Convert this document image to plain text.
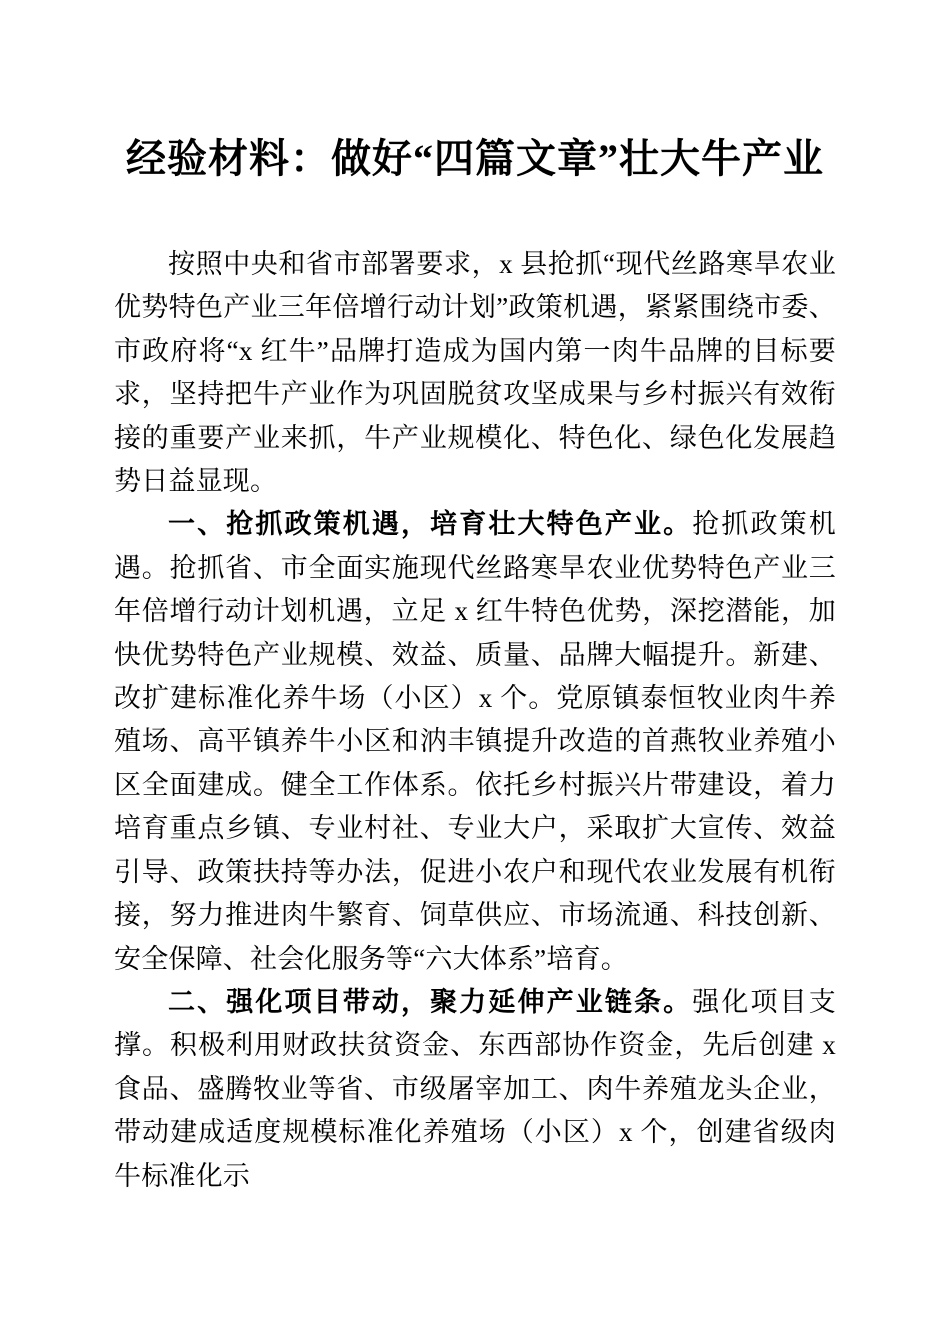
经验材料：做好“四篇文章”壮大牛产业

按照中央和省市部署要求，x 县抢抓“现代丝路寒旱农业优势特色产业三年倍增行动计划”政策机遇，紧紧围绕市委、市政府将“x 红牛”品牌打造成为国内第一肉牛品牌的目标要求，坚持把牛产业作为巩固脱贫攻坚成果与乡村振兴有效衔接的重要产业来抓，牛产业规模化、特色化、绿色化发展趋势日益显现。

一、抢抓政策机遇，培育壮大特色产业。抢抓政策机遇。抢抓省、市全面实施现代丝路寒旱农业优势特色产业三年倍增行动计划机遇，立足 x 红牛特色优势，深挖潜能，加快优势特色产业规模、效益、质量、品牌大幅提升。新建、改扩建标准化养牛场（小区）x 个。党原镇泰恒牧业肉牛养殖场、高平镇养牛小区和汭丰镇提升改造的首燕牧业养殖小区全面建成。健全工作体系。依托乡村振兴片带建设，着力培育重点乡镇、专业村社、专业大户，采取扩大宣传、效益引导、政策扶持等办法，促进小农户和现代农业发展有机衔接，努力推进肉牛繁育、饲草供应、市场流通、科技创新、安全保障、社会化服务等“六大体系”培育。

二、强化项目带动，聚力延伸产业链条。强化项目支撑。积极利用财政扶贫资金、东西部协作资金，先后创建 x 食品、盛腾牧业等省、市级屠宰加工、肉牛养殖龙头企业，带动建成适度规模标准化养殖场（小区）x 个，创建省级肉牛标准化示
